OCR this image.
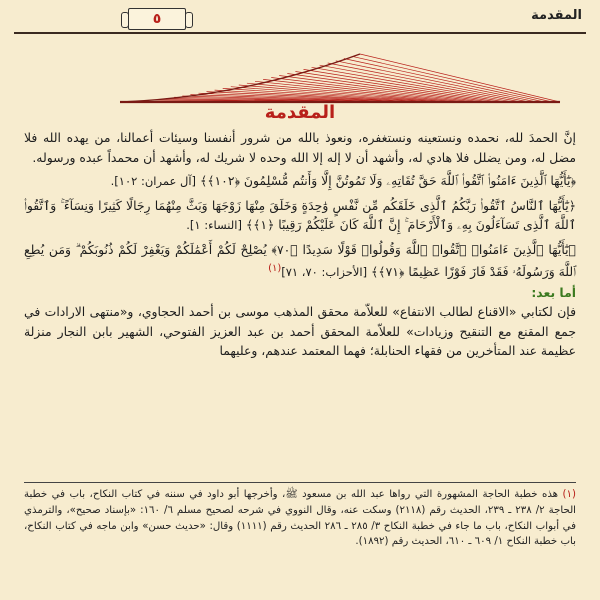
٥	المقدمة
المقدمة

إنَّ الحمدَ لله، نحمده ونستعينه ونستغفره، ونعوذ بالله من شرور أنفسنا وسيئات أعمالنا، من يهده الله فلا مضل له، ومن يضلل فلا هادي له، وأشهد أن لا إله إلا الله وحده لا شريك له، وأشهد أن محمداً عبده ورسوله.

﴿يَٰٓأَيُّهَا ٱلَّذِينَ ءَامَنُوا۟ ٱتَّقُوا۟ ٱللَّهَ حَقَّ تُقَاتِهِۦ وَلَا تَمُوتُنَّ إِلَّا وَأَنتُم مُّسْلِمُونَ ﴿١٠٢﴾﴾ [آل عمران: ١٠٢].

﴿يَٰٓأَيُّهَا ٱلنَّاسُ ٱتَّقُوا۟ رَبَّكُمُ ٱلَّذِى خَلَقَكُم مِّن نَّفْسٍ وَٰحِدَةٍ وَخَلَقَ مِنْهَا زَوْجَهَا وَبَثَّ مِنْهُمَا رِجَالًا كَثِيرًا وَنِسَآءً ۚ وَٱتَّقُوا۟ ٱللَّهَ ٱلَّذِى تَسَآءَلُونَ بِهِۦ وَٱلْأَرْحَامَ ۚ إِنَّ ٱللَّهَ كَانَ عَلَيْكُمْ رَقِيبًا ﴿١﴾﴾ [النساء: ١].

﴿يَٰٓأَيُّهَا ٱلَّذِينَ ءَامَنُوا۟ ٱتَّقُوا۟ ٱللَّهَ وَقُولُوا۟ قَوْلًا سَدِيدًا ﴿٧٠﴾ يُصْلِحْ لَكُمْ أَعْمَٰلَكُمْ وَيَغْفِرْ لَكُمْ ذُنُوبَكُمْ ۗ وَمَن يُطِعِ ٱللَّهَ وَرَسُولَهُۥ فَقَدْ فَازَ فَوْزًا عَظِيمًا ﴿٧١﴾﴾ [الأحزاب: ٧٠، ٧١]$^{(١)}$

أما بعد:

فإن لكتابي «الاقناع لطالب الانتفاع» للعلاّمة محقق المذهب موسى بن أحمد الحجاوي، و«منتهى الارادات في جمع المقنع مع التنقيح وزيادات» للعلاّمة المحقق أحمد بن عبد العزيز الفتوحي، الشهير بابن النجار منزلة عظيمة عند المتأخرين من فقهاء الحنابلة؛ فهما المعتمد عندهم، وعليهما

(١) هذه خطبة الحاجة المشهورة التي رواها عبد الله بن مسعود ﷺ، وأخرجها أبو داود في سننه في كتاب النكاح، باب في خطبة الحاجة ٢/ ٢٣٨ ـ ٢٣٩، الحديث رقم (٢١١٨) وسكت عنه، وقال النووي في شرحه لصحيح مسلم ٦/ ١٦٠: «بإسناد صحيح»، والترمذي في أبواب النكاح، باب ما جاء في خطبة النكاح ٣/ ٢٨٥ ـ ٢٨٦ الحديث رقم (١١١١) وقال: «حديث حسن» وابن ماجه في كتاب النكاح، باب خطبة النكاح ١/ ٦٠٩ ـ ٦١٠، الحديث رقم (١٨٩٢).
